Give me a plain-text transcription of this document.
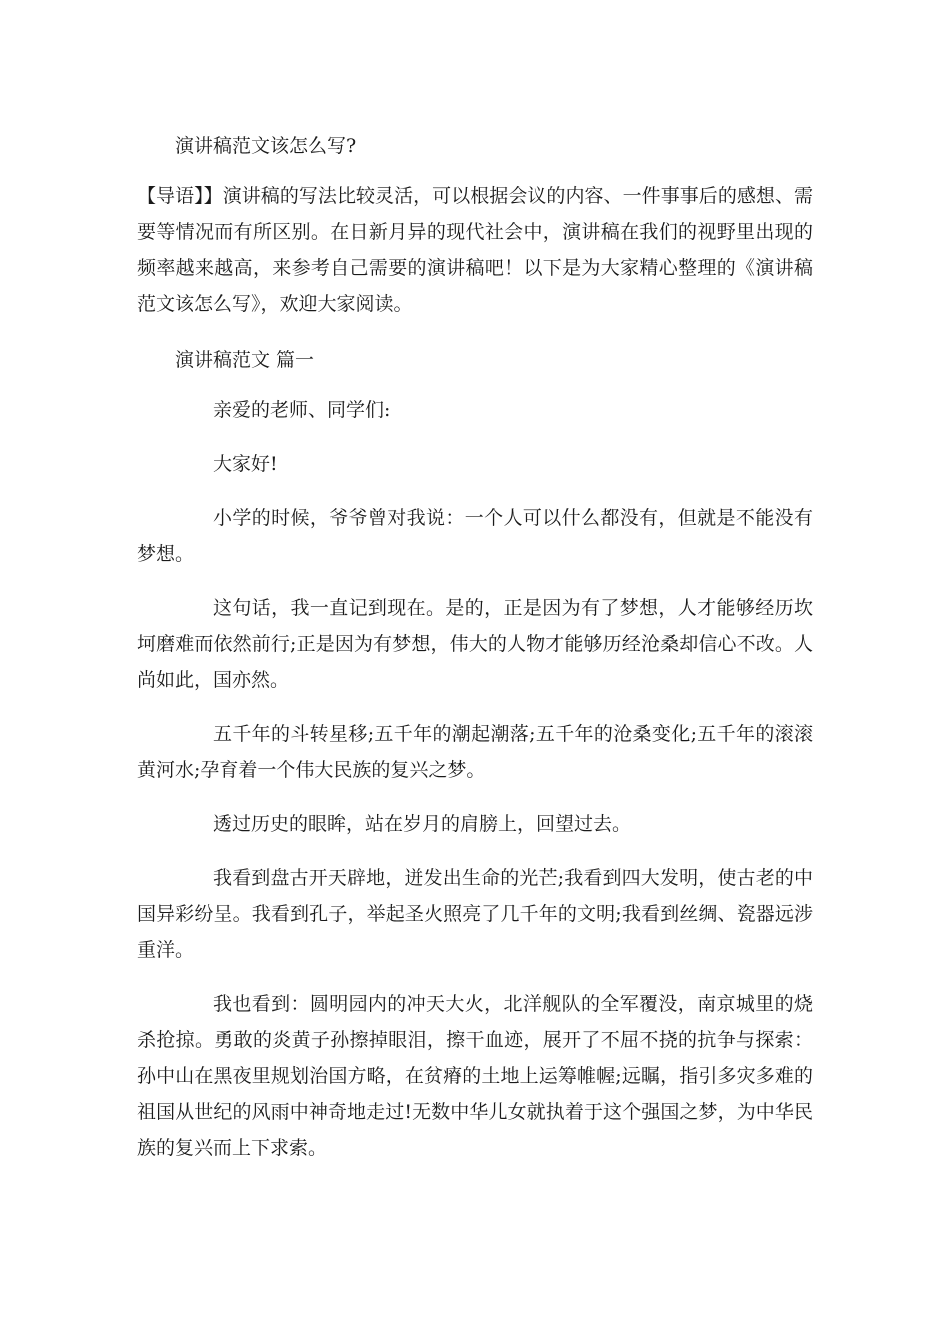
演讲稿范文该怎么写?

【导语】】演讲稿的写法比较灵活，可以根据会议的内容、一件事事后的感想、需要等情况而有所区别。在日新月异的现代社会中，演讲稿在我们的视野里出现的频率越来越高，来参考自己需要的演讲稿吧！以下是为大家精心整理的《演讲稿范文该怎么写》，欢迎大家阅读。

演讲稿范文 篇一

亲爱的老师、同学们:

大家好!

小学的时候，爷爷曾对我说：一个人可以什么都没有，但就是不能没有梦想。

这句话，我一直记到现在。是的，正是因为有了梦想，人才能够经历坎坷磨难而依然前行;正是因为有梦想，伟大的人物才能够历经沧桑却信心不改。人尚如此，国亦然。

五千年的斗转星移;五千年的潮起潮落;五千年的沧桑变化;五千年的滚滚黄河水;孕育着一个伟大民族的复兴之梦。

透过历史的眼眸，站在岁月的肩膀上，回望过去。

我看到盘古开天辟地，迸发出生命的光芒;我看到四大发明，使古老的中国异彩纷呈。我看到孔子，举起圣火照亮了几千年的文明;我看到丝绸、瓷器远涉重洋。

我也看到：圆明园内的冲天大火，北洋舰队的全军覆没，南京城里的烧杀抢掠。勇敢的炎黄子孙擦掉眼泪，擦干血迹，展开了不屈不挠的抗争与探索：孙中山在黑夜里规划治国方略，在贫瘠的土地上运筹帷幄;远瞩，指引多灾多难的祖国从世纪的风雨中神奇地走过!无数中华儿女就执着于这个强国之梦，为中华民族的复兴而上下求索。
